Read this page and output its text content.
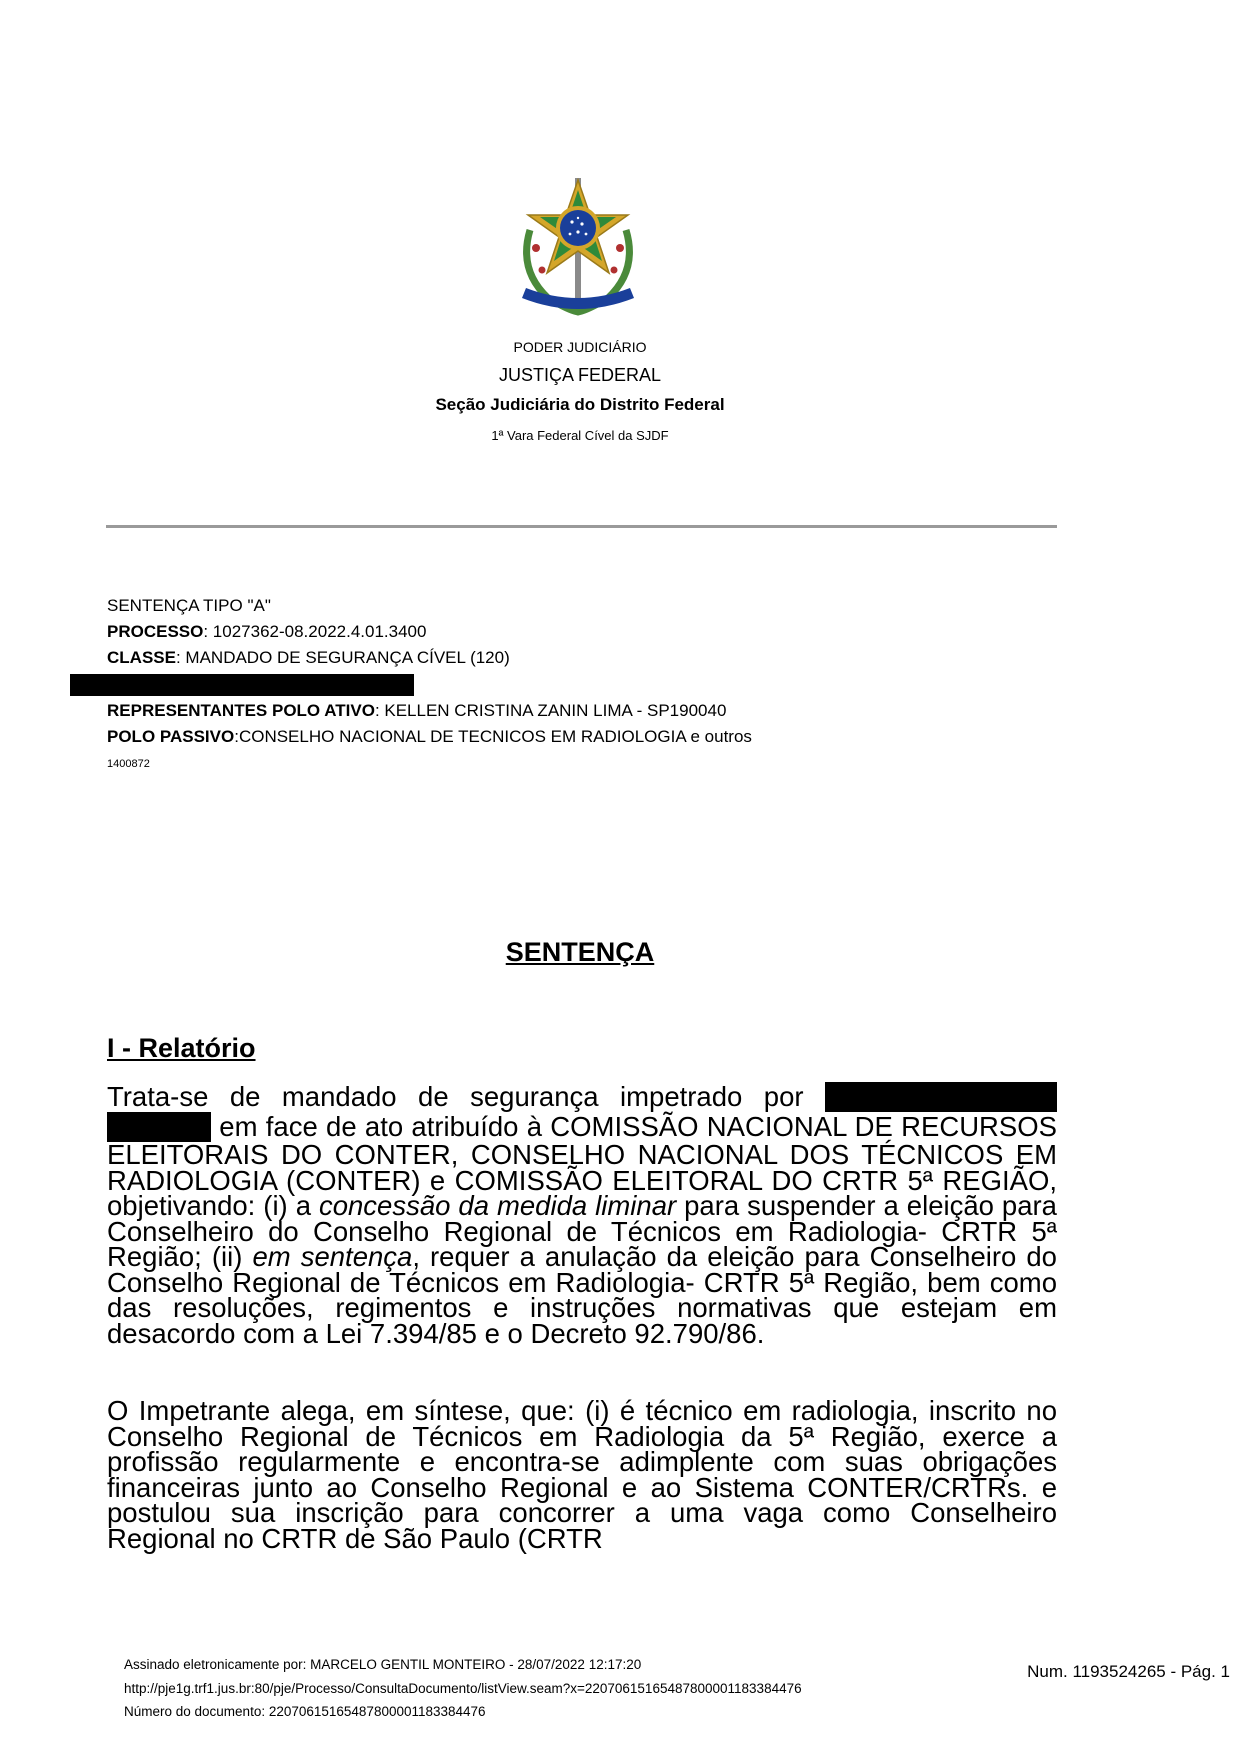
PODER JUDICIÁRIO
JUSTIÇA FEDERAL
Seção Judiciária do Distrito Federal
1ª Vara Federal Cível da SJDF
SENTENÇA TIPO "A"
PROCESSO: 1027362-08.2022.4.01.3400
CLASSE: MANDADO DE SEGURANÇA CÍVEL (120)
REPRESENTANTES POLO ATIVO: KELLEN CRISTINA ZANIN LIMA - SP190040
POLO PASSIVO:CONSELHO NACIONAL DE TECNICOS EM RADIOLOGIA e outros
1400872
SENTENÇA
I - Relatório

Trata-se de mandado de segurança impetrado por   em face de ato atribuído à COMISSÃO NACIONAL DE RECURSOS ELEITORAIS DO CONTER, CONSELHO NACIONAL DOS TÉCNICOS EM RADIOLOGIA (CONTER) e COMISSÃO ELEITORAL DO CRTR 5ª REGIÃO, objetivando: (i) a concessão da medida liminar para suspender a eleição para Conselheiro do Conselho Regional de Técnicos em Radiologia- CRTR 5ª Região; (ii) em sentença, requer a anulação da eleição para Conselheiro do Conselho Regional de Técnicos em Radiologia- CRTR 5ª Região, bem como das resoluções, regimentos e instruções normativas que estejam em desacordo com a Lei 7.394/85 e o Decreto 92.790/86.

O Impetrante alega, em síntese, que: (i) é técnico em radiologia, inscrito no Conselho Regional de Técnicos em Radiologia da 5ª Região, exerce a profissão regularmente e encontra-se adimplente com suas obrigações financeiras junto ao Conselho Regional e ao Sistema CONTER/CRTRs. e postulou sua inscrição para concorrer a uma vaga como Conselheiro Regional no CRTR de São Paulo (CRTR

Assinado eletronicamente por: MARCELO GENTIL MONTEIRO - 28/07/2022 12:17:20
http://pje1g.trf1.jus.br:80/pje/Processo/ConsultaDocumento/listView.seam?x=22070615165487800001183384476
Número do documento: 22070615165487800001183384476
Num. 1193524265 - Pág. 1
